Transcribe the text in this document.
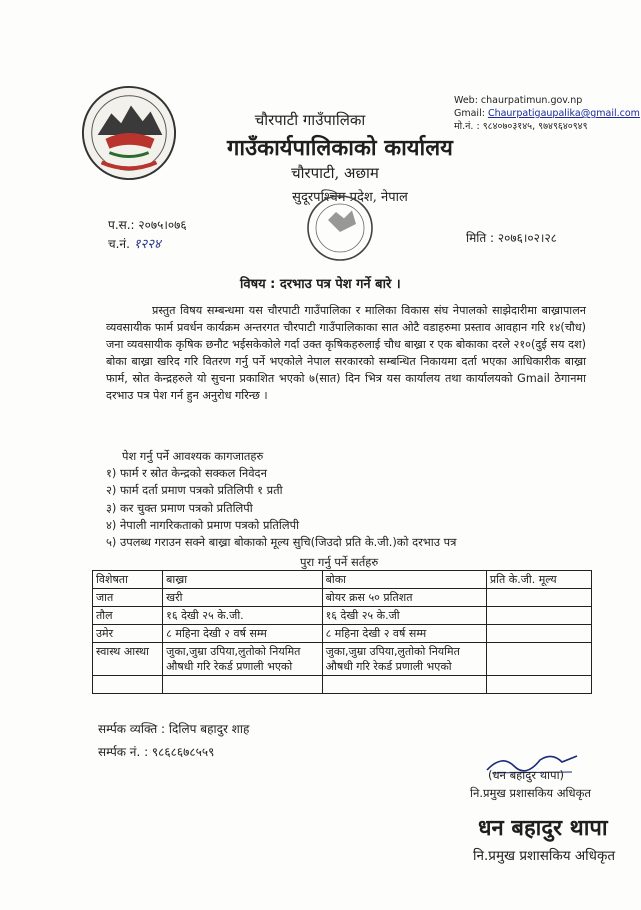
चौरपाटी गाउँपालिका
गाउँकार्यपालिकाको कार्यालय
चौरपाटी, अछाम
सुदूरपश्चिम प्रदेश, नेपाल
Web: chaurpatimun.gov.np
Gmail: Chaurpatigaupalika@gmail.com
मो.नं. : ९८४०७०३१४५, ९७४९६४०९४९
प.स.: २०७५।०७६
च.नं. १२२४	मिति : २०७६।०२।२८
विषय : दरभाउ पत्र पेश गर्ने बारे ।

प्रस्तुत विषय सम्बन्धमा यस चौरपाटी गाउँपालिका र मालिका विकास संघ नेपालको साझेदारीमा बाख्रापालन व्यवसायीक फार्म प्रवर्धन कार्यक्रम अन्तरगत चौरपाटी गाउँपालिकाका सात ओटै वडाहरुमा प्रस्ताव आवहान गरि १४(चौध) जना व्यवसायीक कृषिक छनौट भईसकेकोले गर्दा उक्त कृषिकहरुलाई चौध बाख्रा र एक बोकाका दरले २१०(दुई सय दश) बोका बाख्रा खरिद गरि वितरण गर्नु पर्ने भएकोले नेपाल सरकारको सम्बन्धित निकायमा दर्ता भएका आधिकारीक बाख्रा फार्म, स्रोत केन्द्रहरुले यो सुचना प्रकाशित भएको ७(सात) दिन भित्र यस कार्यालय तथा कार्यालयको Gmail ठेगानमा दरभाउ पत्र पेश गर्न हुन अनुरोध गरिन्छ ।

पेश गर्नु पर्ने आवश्यक कागजातहरु
१) फार्म र स्रोत केन्द्रको सक्कल निवेदन
२) फार्म दर्ता प्रमाण पत्रको प्रतिलिपी १ प्रती
३) कर चुक्त प्रमाण पत्रको प्रतिलिपी
४) नेपाली नागरिकताको प्रमाण पत्रको प्रतिलिपी
५) उपलब्ध गराउन सक्ने बाख्रा बोकाको मूल्य सुचि(जिउदो प्रति के.जी.)को दरभाउ पत्र
पुरा गर्नु पर्ने सर्तहरु
विशेषता	बाख्रा	बोका	प्रति के.जी. मूल्य
जात	खरी	बोयर क्रस ५० प्रतिशत	
तौल	१६ देखी २५ के.जी.	१६ देखी २५ के.जी	
उमेर	८ महिना देखी २ वर्ष सम्म	८ महिना देखी २ वर्ष सम्म	
स्वास्थ आस्था	जुका,जुम्रा उपिया,लुतोको नियमित औषधी गरि रेकर्ड प्रणाली भएको	जुका,जुम्रा उपिया,लुतोको नियमित औषधी गरि रेकर्ड प्रणाली भएको	

सर्म्पक व्यक्ति : दिलिप बहादुर शाह
सर्म्पक नं. : ९८६८६७८५५९
(धन बहादुर थापा)
नि.प्रमुख प्रशासकिय अधिकृत
धन बहादुर थापा
नि.प्रमुख प्रशासकिय अधिकृत
